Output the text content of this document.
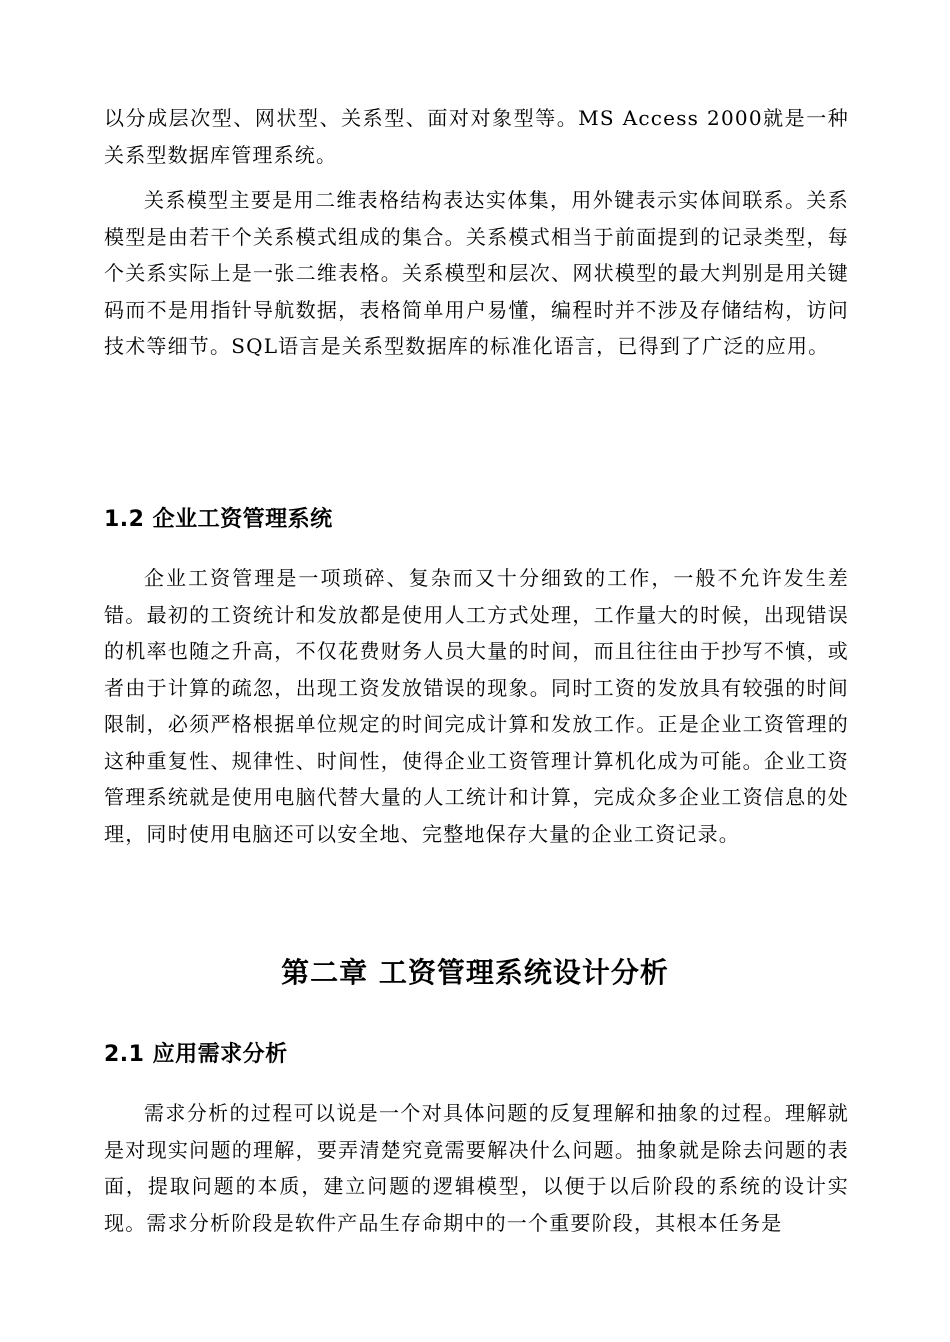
以分成层次型、网状型、关系型、面对对象型等。MS Access 2000就是一种关系型数据库管理系统。

关系模型主要是用二维表格结构表达实体集，用外键表示实体间联系。关系模型是由若干个关系模式组成的集合。关系模式相当于前面提到的记录类型，每个关系实际上是一张二维表格。关系模型和层次、网状模型的最大判别是用关键码而不是用指针导航数据，表格简单用户易懂，编程时并不涉及存储结构，访问技术等细节。SQL语言是关系型数据库的标准化语言，已得到了广泛的应用。

1.2 企业工资管理系统

企业工资管理是一项琐碎、复杂而又十分细致的工作，一般不允许发生差错。最初的工资统计和发放都是使用人工方式处理，工作量大的时候，出现错误的机率也随之升高，不仅花费财务人员大量的时间，而且往往由于抄写不慎，或者由于计算的疏忽，出现工资发放错误的现象。同时工资的发放具有较强的时间限制，必须严格根据单位规定的时间完成计算和发放工作。正是企业工资管理的这种重复性、规律性、时间性，使得企业工资管理计算机化成为可能。企业工资管理系统就是使用电脑代替大量的人工统计和计算，完成众多企业工资信息的处理，同时使用电脑还可以安全地、完整地保存大量的企业工资记录。

第二章 工资管理系统设计分析
2.1 应用需求分析

需求分析的过程可以说是一个对具体问题的反复理解和抽象的过程。理解就是对现实问题的理解，要弄清楚究竟需要解决什么问题。抽象就是除去问题的表面，提取问题的本质，建立问题的逻辑模型，以便于以后阶段的系统的设计实现。需求分析阶段是软件产品生存命期中的一个重要阶段，其根本任务是
